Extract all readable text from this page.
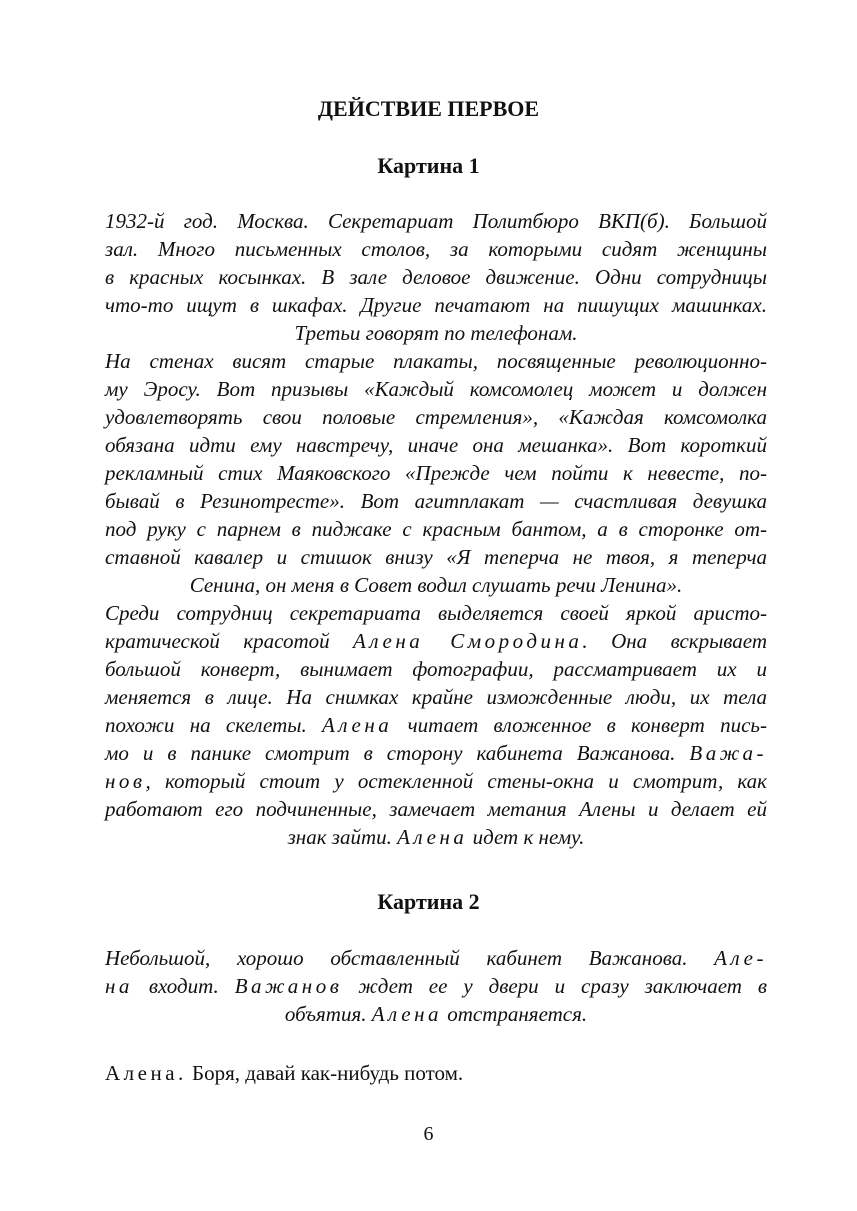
ДЕЙСТВИЕ ПЕРВОЕ
Картина 1
1932-й год. Москва. Секретариат Политбюро ВКП(б). Большой
зал. Много письменных столов, за которыми сидят женщины
в красных косынках. В зале деловое движение. Одни сотрудницы
что-то ищут в шкафах. Другие печатают на пишущих машинках.
Третьи говорят по телефонам.
На стенах висят старые плакаты, посвященные революционно-
му Эросу. Вот призывы «Каждый комсомолец может и должен
удовлетворять свои половые стремления», «Каждая комсомолка
обязана идти ему навстречу, иначе она мешанка». Вот короткий
рекламный стих Маяковского «Прежде чем пойти к невесте, по-
бывай в Резинотресте». Вот агитплакат — счастливая девушка
под руку с парнем в пиджаке с красным бантом, а в сторонке от-
ставной кавалер и стишок внизу «Я теперча не твоя, я теперча
Сенина, он меня в Совет водил слушать речи Ленина».
Среди сотрудниц секретариата выделяется своей яркой аристо-
кратической красотой Алена Смородина. Она вскрывает
большой конверт, вынимает фотографии, рассматривает их и
меняется в лице. На снимках крайне изможденные люди, их тела
похожи на скелеты. Алена читает вложенное в конверт пись-
мо и в панике смотрит в сторону кабинета Важанова. Важа-
нов, который стоит у остекленной стены-окна и смотрит, как
работают его подчиненные, замечает метания Алены и делает ей
знак зайти. Алена идет к нему.
Картина 2
Небольшой, хорошо обставленный кабинет Важанова. Але-
на входит. Важанов ждет ее у двери и сразу заключает в
объятия. Алена отстраняется.
Алена. Боря, давай как-нибудь потом.
6
